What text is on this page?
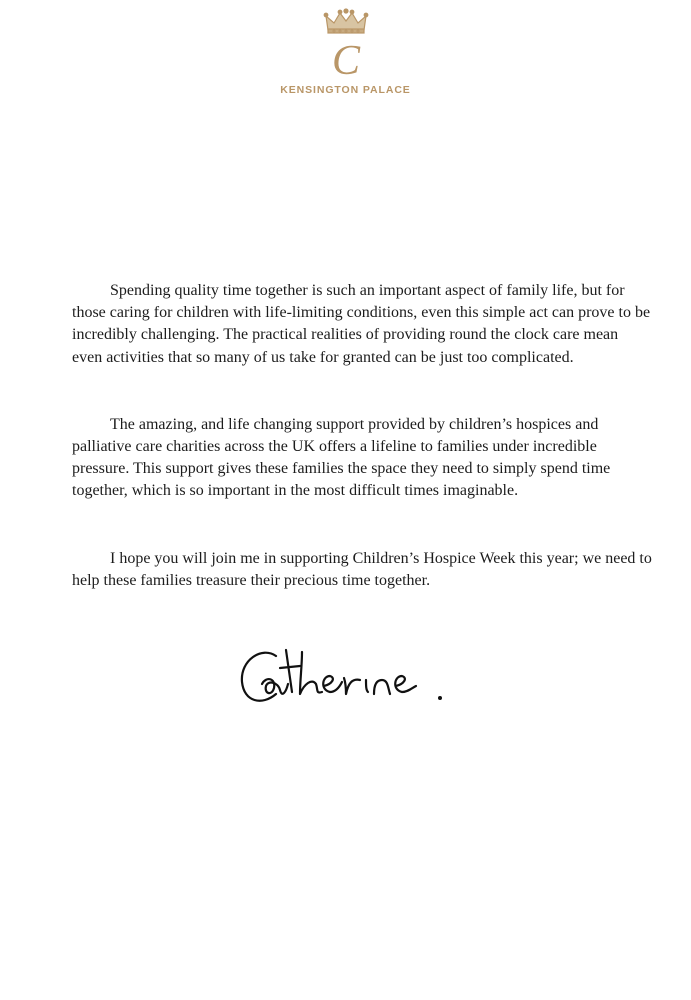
C
KENSINGTON PALACE

Spending quality time together is such an important aspect of family life, but for those caring for children with life-limiting conditions, even this simple act can prove to be incredibly challenging. The practical realities of providing round the clock care mean even activities that so many of us take for granted can be just too complicated.

The amazing, and life changing support provided by children’s hospices and palliative care charities across the UK offers a lifeline to families under incredible pressure. This support gives these families the space they need to simply spend time together, which is so important in the most difficult times imaginable.

I hope you will join me in supporting Children’s Hospice Week this year; we need to help these families treasure their precious time together.
